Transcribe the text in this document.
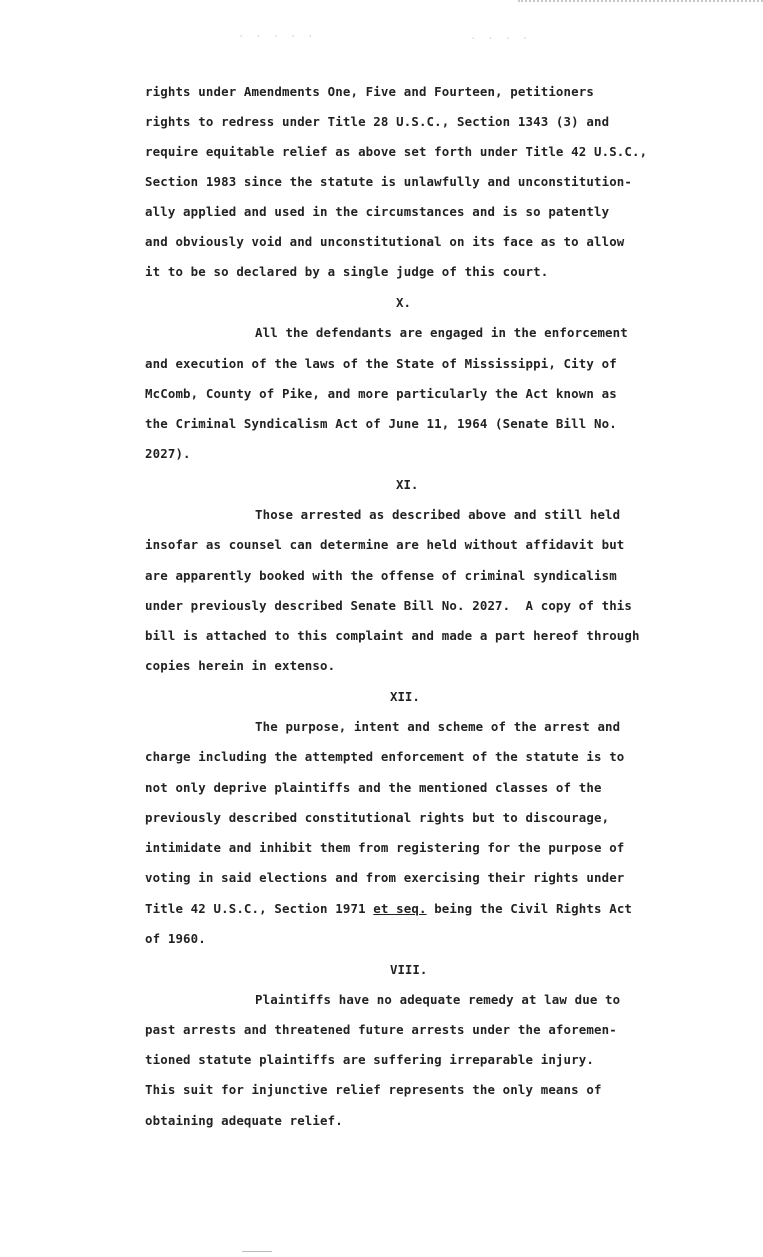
· · · · ·	· · · ·
rights under Amendments One, Five and Fourteen, petitioners
rights to redress under Title 28 U.S.C., Section 1343 (3) and
require equitable relief as above set forth under Title 42 U.S.C.,
Section 1983 since the statute is unlawfully and unconstitution-
ally applied and used in the circumstances and is so patently
and obviously void and unconstitutional on its face as to allow
it to be so declared by a single judge of this court.
X.
All the defendants are engaged in the enforcement
and execution of the laws of the State of Mississippi, City of
McComb, County of Pike, and more particularly the Act known as
the Criminal Syndicalism Act of June 11, 1964 (Senate Bill No.
2027).
XI.
Those arrested as described above and still held
insofar as counsel can determine are held without affidavit but
are apparently booked with the offense of criminal syndicalism
under previously described Senate Bill No. 2027.  A copy of this
bill is attached to this complaint and made a part hereof through
copies herein in extenso.
XII.
The purpose, intent and scheme of the arrest and
charge including the attempted enforcement of the statute is to
not only deprive plaintiffs and the mentioned classes of the
previously described constitutional rights but to discourage,
intimidate and inhibit them from registering for the purpose of
voting in said elections and from exercising their rights under
Title 42 U.S.C., Section 1971 et seq. being the Civil Rights Act
of 1960.
VIII.
Plaintiffs have no adequate remedy at law due to
past arrests and threatened future arrests under the aforemen-
tioned statute plaintiffs are suffering irreparable injury.
This suit for injunctive relief represents the only means of
obtaining adequate relief.
